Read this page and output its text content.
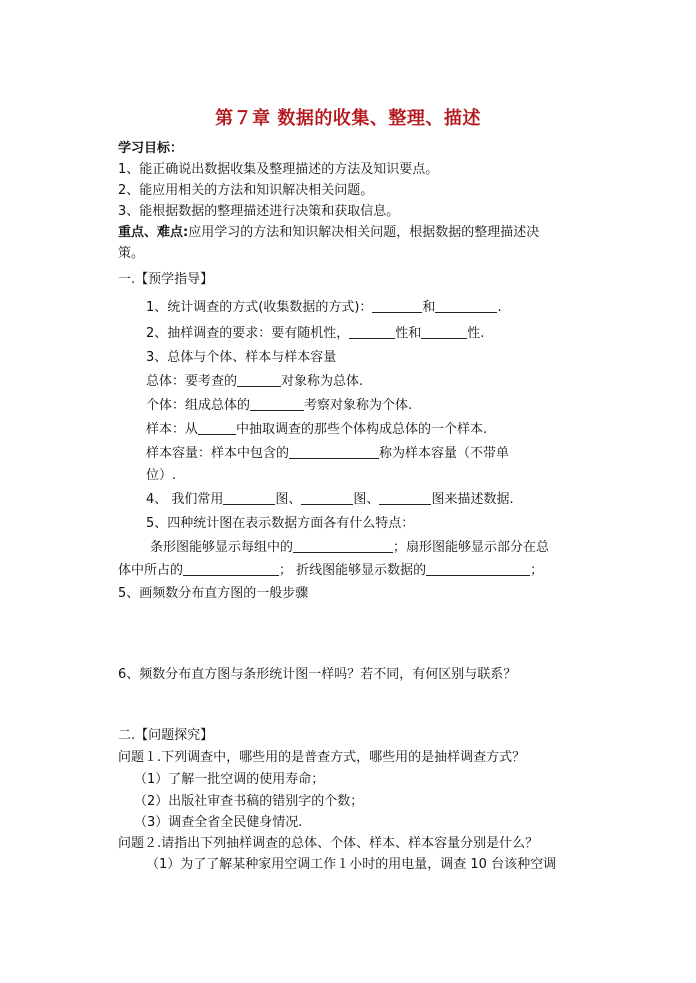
第７章 数据的收集、整理、描述
学习目标：
1、能正确说出数据收集及整理描述的方法及知识要点。
2、能应用相关的方法和知识解决相关问题。
3、能根据数据的整理描述进行决策和获取信息。
重点、难点:应用学习的方法和知识解决相关问题，根据数据的整理描述决
策。
一.【预学指导】
1、统计调查的方式(收集数据的方式)：	和	.
2、抽样调查的要求：要有随机性，	性和	性.
3、总体与个体、样本与样本容量
总体：要考查的	对象称为总体.
个体：组成总体的	考察对象称为个体.
样本：从	中抽取调查的那些个体构成总体的一个样本.
样本容量：样本中包含的	称为样本容量（不带单
位）.
4、 我们常用	图、	图、	图来描述数据.
5、四种统计图在表示数据方面各有什么特点：
条形图能够显示每组中的	；扇形图能够显示部分在总
体中所占的	； 折线图能够显示数据的	；
5、画频数分布直方图的一般步骤
6、频数分布直方图与条形统计图一样吗？若不同，有何区别与联系？
二.【问题探究】
问题１.下列调查中，哪些用的是普查方式，哪些用的是抽样调查方式？
（1）了解一批空调的使用寿命；
（2）出版社审查书稿的错别字的个数；
（3）调查全省全民健身情况.
问题２.请指出下列抽样调查的总体、个体、样本、样本容量分别是什么？
（1）为了了解某种家用空调工作１小时的用电量，调查 10 台该种空调
